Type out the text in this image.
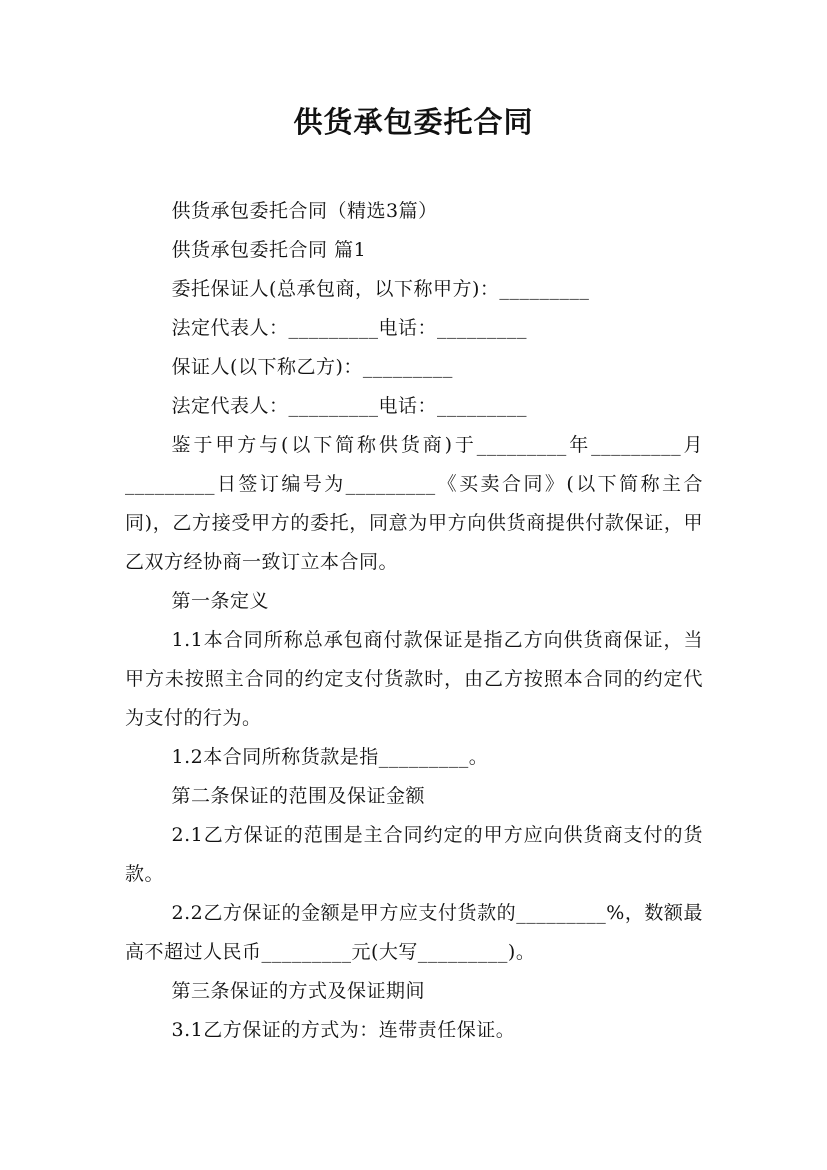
供货承包委托合同

供货承包委托合同（精选3篇）

供货承包委托合同 篇1

委托保证人(总承包商，以下称甲方)：_________

法定代表人：_________电话：_________

保证人(以下称乙方)：_________

法定代表人：_________电话：_________

鉴于甲方与(以下简称供货商)于_________年_________月_________日签订编号为_________《买卖合同》(以下简称主合同)，乙方接受甲方的委托，同意为甲方向供货商提供付款保证，甲乙双方经协商一致订立本合同。

第一条定义

1.1本合同所称总承包商付款保证是指乙方向供货商保证，当甲方未按照主合同的约定支付货款时，由乙方按照本合同的约定代为支付的行为。

1.2本合同所称货款是指_________。

第二条保证的范围及保证金额

2.1乙方保证的范围是主合同约定的甲方应向供货商支付的货款。

2.2乙方保证的金额是甲方应支付货款的_________%，数额最高不超过人民币_________元(大写_________)。

第三条保证的方式及保证期间

3.1乙方保证的方式为：连带责任保证。
